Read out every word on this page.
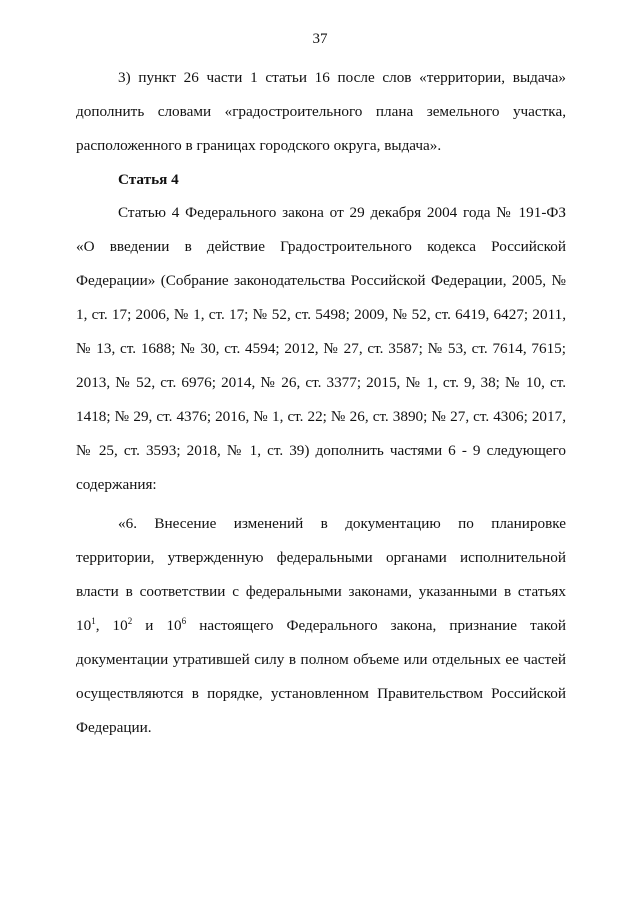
37

3) пункт 26 части 1 статьи 16 после слов «территории, выдача» дополнить словами «градостроительного плана земельного участка, расположенного в границах городского округа, выдача».

Статья 4

Статью 4 Федерального закона от 29 декабря 2004 года № 191-ФЗ «О введении в действие Градостроительного кодекса Российской Федерации» (Собрание законодательства Российской Федерации, 2005, № 1, ст. 17; 2006, № 1, ст. 17; № 52, ст. 5498; 2009, № 52, ст. 6419, 6427; 2011, № 13, ст. 1688; № 30, ст. 4594; 2012, № 27, ст. 3587; № 53, ст. 7614, 7615; 2013, № 52, ст. 6976; 2014, № 26, ст. 3377; 2015, № 1, ст. 9, 38; № 10, ст. 1418; № 29, ст. 4376; 2016, № 1, ст. 22; № 26, ст. 3890; № 27, ст. 4306; 2017, № 25, ст. 3593; 2018, № 1, ст. 39) дополнить частями 6 - 9 следующего содержания:

«6. Внесение изменений в документацию по планировке территории, утвержденную федеральными органами исполнительной власти в соответствии с федеральными законами, указанными в статьях $10^1$, $10^2$ и $10^6$ настоящего Федерального закона, признание такой документации утратившей силу в полном объеме или отдельных ее частей осуществляются в порядке, установленном Правительством Российской Федерации.
